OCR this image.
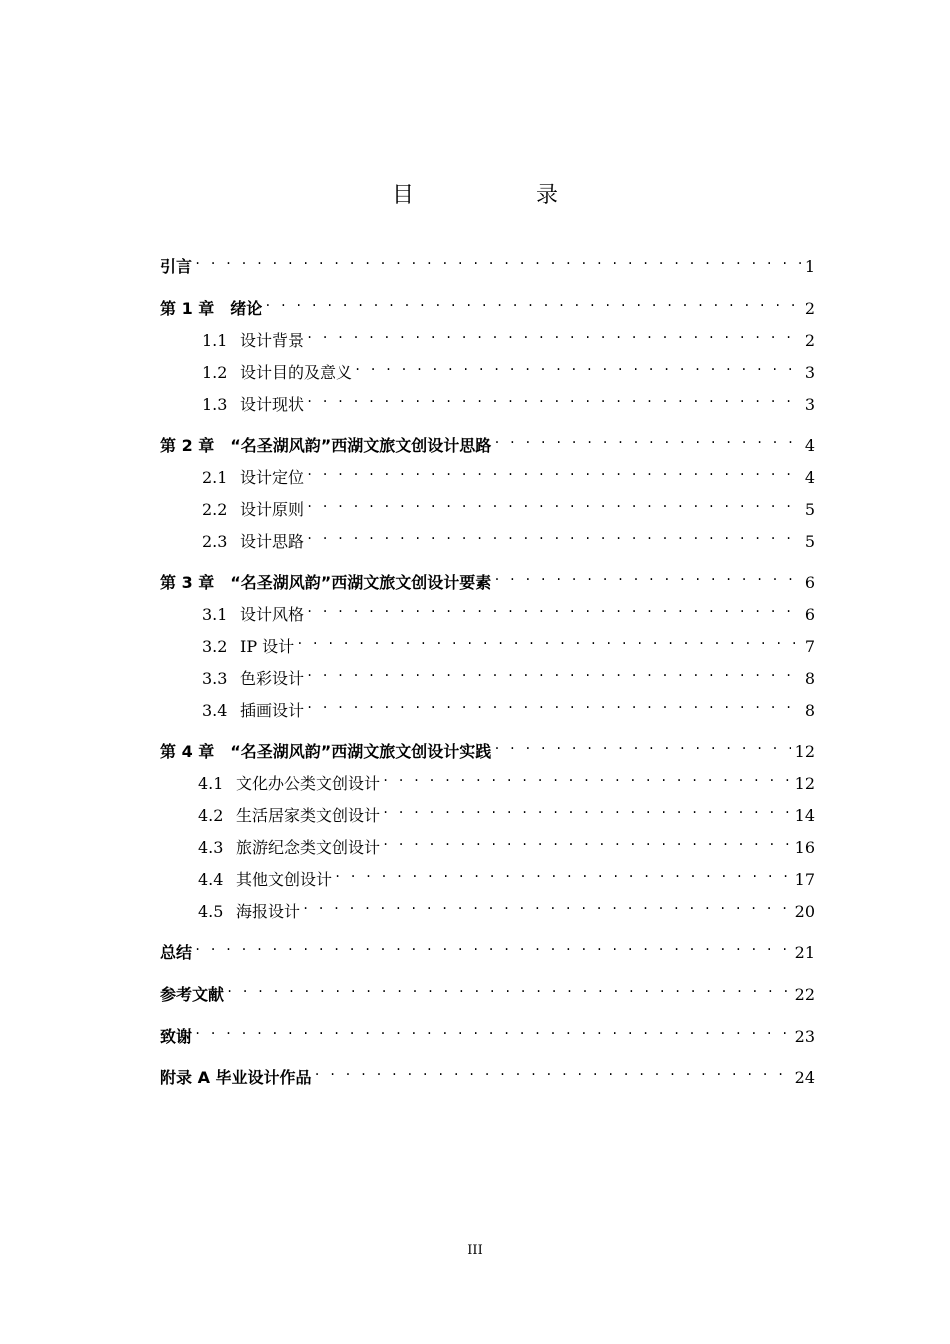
目　录
引言 . . .	1
第 1 章　绪论 . . .	2
1.1 设计背景 . . .	2
1.2 设计目的及意义 . . .	3
1.3 设计现状 . . .	3
第 2 章　“名圣湖风韵”西湖文旅文创设计思路 . . .	4
2.1 设计定位 . . .	4
2.2 设计原则 . . .	5
2.3 设计思路 . . .	5
第 3 章　“名圣湖风韵”西湖文旅文创设计要素 . . .	6
3.1 设计风格 . . .	6
3.2 IP 设计 . . .	7
3.3 色彩设计 . . .	8
3.4 插画设计 . . .	8
第 4 章　“名圣湖风韵”西湖文旅文创设计实践 . . .	12
4.1 文化办公类文创设计 . . .	12
4.2 生活居家类文创设计 . . .	14
4.3 旅游纪念类文创设计 . . .	16
4.4 其他文创设计 . . .	17
4.5 海报设计 . . .	20
总结 . . .	21
参考文献 . . .	22
致谢 . . .	23
附录 A 毕业设计作品 . . .	24
III
